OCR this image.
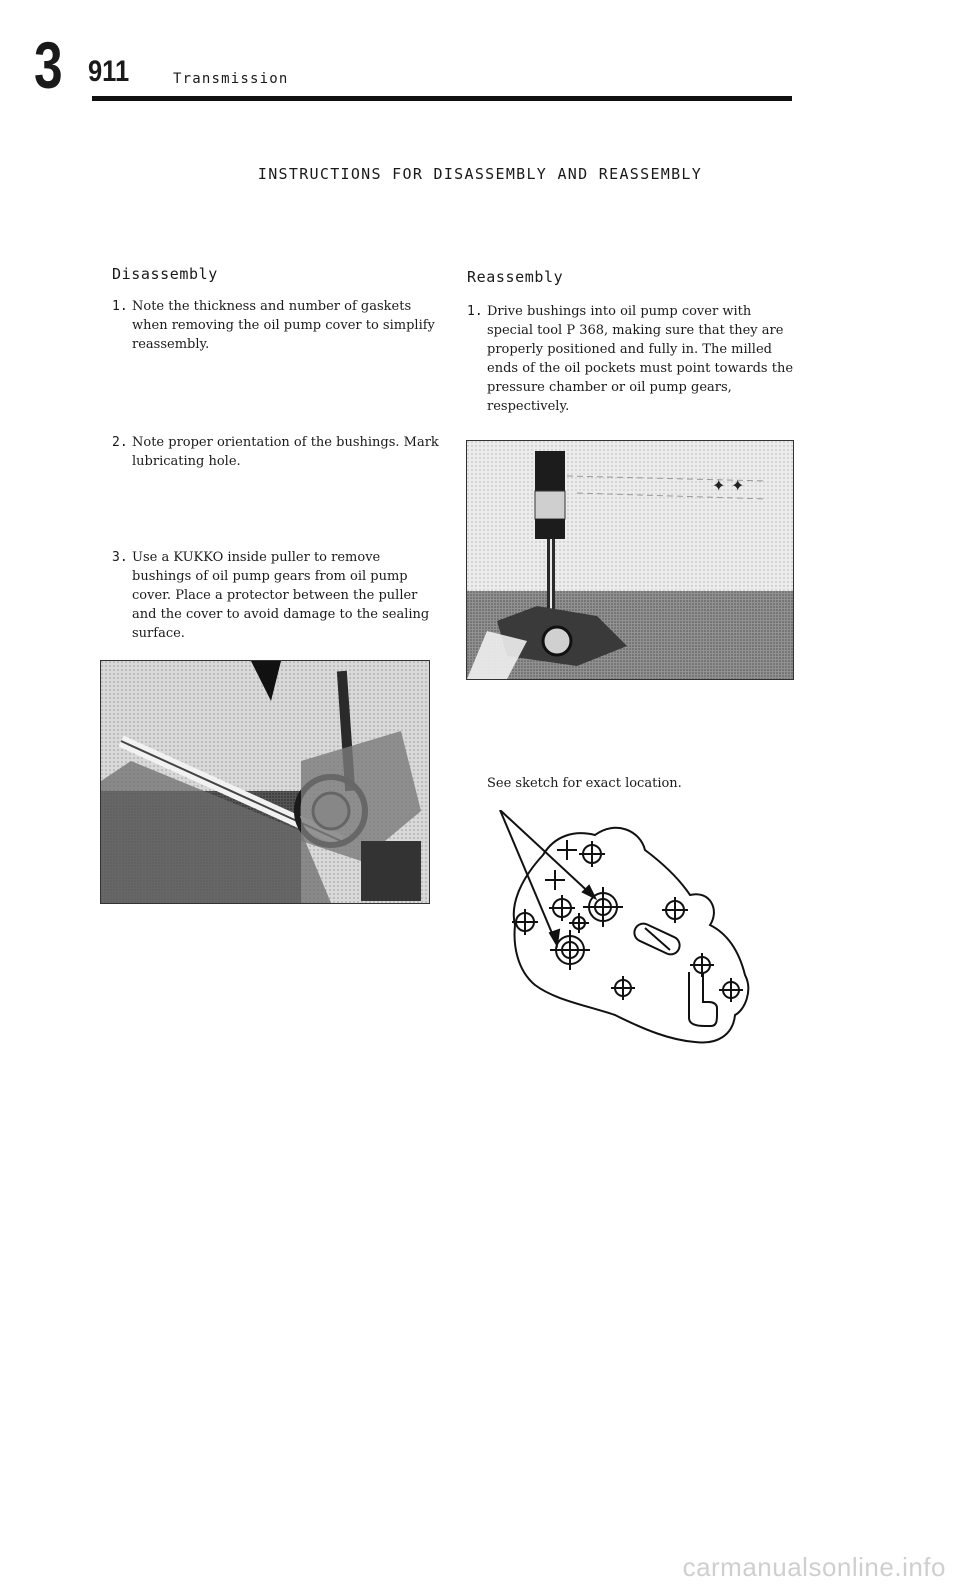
3 911	Transmission
INSTRUCTIONS FOR DISASSEMBLY AND REASSEMBLY
Disassembly
1. Note the thickness and number of gaskets when removing the oil pump cover to simplify reassembly.
2. Note proper orientation of the bushings. Mark lubricating hole.
3. Use a KUKKO inside puller to remove bushings of oil pump gears from oil pump cover. Place a protector between the puller and the cover to avoid damage to the sealing surface.
Reassembly
1. Drive bushings into oil pump cover with special tool P 368, making sure that they are properly positioned and fully in. The milled ends of the oil pockets must point towards the pressure chamber or oil pump gears, respectively.
✦ ✦
See sketch for exact location.
carmanualsonline.info
